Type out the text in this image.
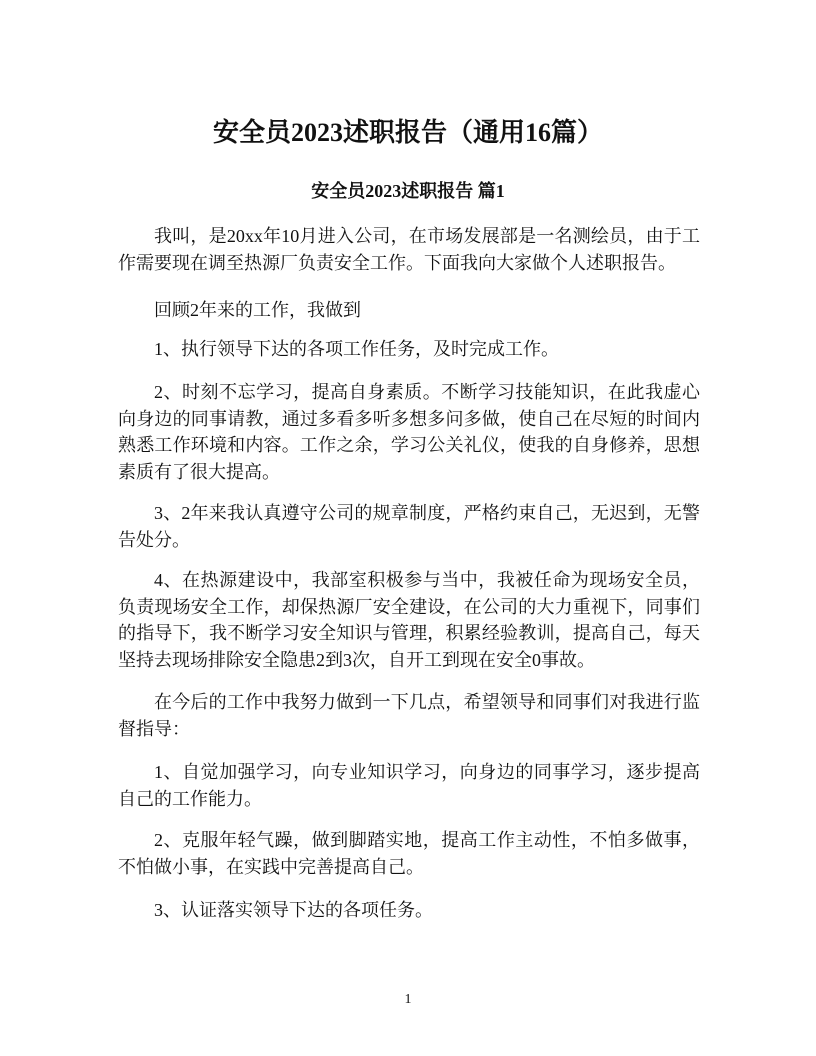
安全员2023述职报告（通用16篇）
安全员2023述职报告 篇1

我叫，是20xx年10月进入公司，在市场发展部是一名测绘员，由于工作需要现在调至热源厂负责安全工作。下面我向大家做个人述职报告。

回顾2年来的工作，我做到

1、执行领导下达的各项工作任务，及时完成工作。

2、时刻不忘学习，提高自身素质。不断学习技能知识，在此我虚心向身边的同事请教，通过多看多听多想多问多做，使自己在尽短的时间内熟悉工作环境和内容。工作之余，学习公关礼仪，使我的自身修养，思想素质有了很大提高。

3、2年来我认真遵守公司的规章制度，严格约束自己，无迟到，无警告处分。

4、在热源建设中，我部室积极参与当中，我被任命为现场安全员，负责现场安全工作，却保热源厂安全建设，在公司的大力重视下，同事们的指导下，我不断学习安全知识与管理，积累经验教训，提高自己，每天坚持去现场排除安全隐患2到3次，自开工到现在安全0事故。

在今后的工作中我努力做到一下几点，希望领导和同事们对我进行监督指导：

1、自觉加强学习，向专业知识学习，向身边的同事学习，逐步提高自己的工作能力。

2、克服年轻气躁，做到脚踏实地，提高工作主动性，不怕多做事，不怕做小事，在实践中完善提高自己。

3、认证落实领导下达的各项任务。

1
